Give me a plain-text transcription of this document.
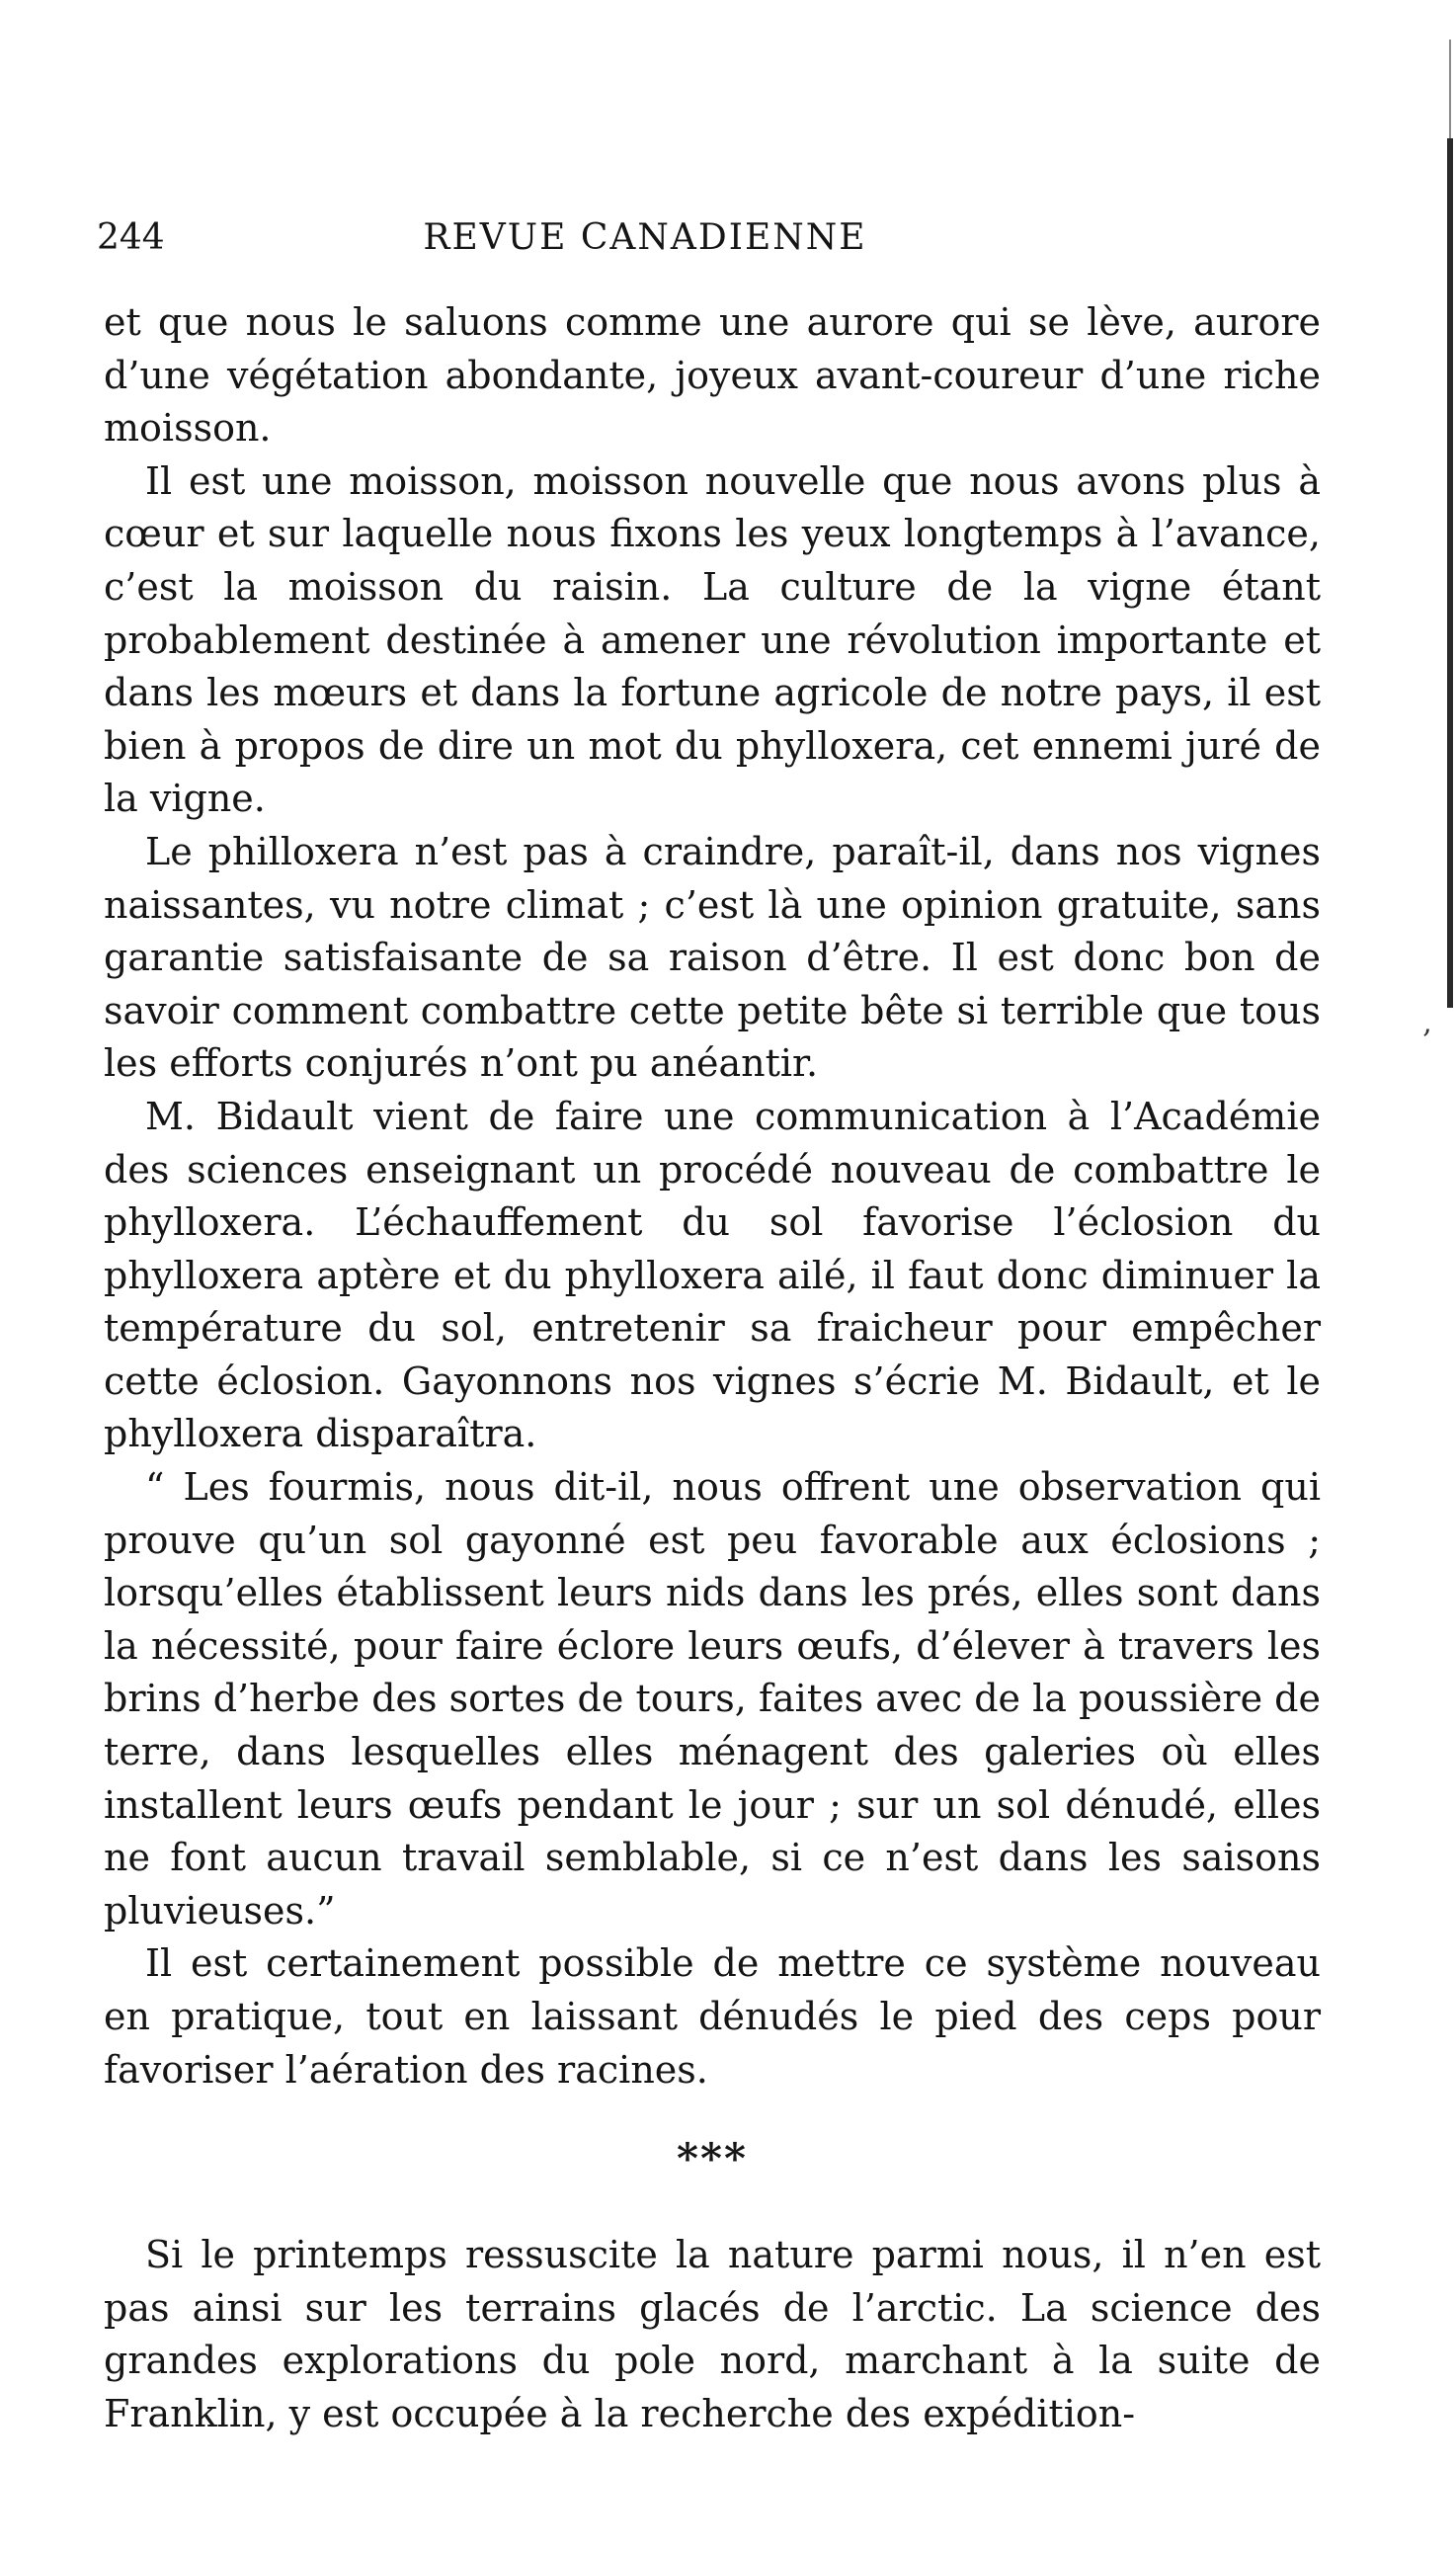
‚
244	REVUE CANADIENNE

et que nous le saluons comme une aurore qui se lève, aurore d’une végétation abondante, joyeux avant-coureur d’une riche moisson.

Il est une moisson, moisson nouvelle que nous avons plus à cœur et sur laquelle nous fixons les yeux longtemps à l’avance, c’est la moisson du raisin. La culture de la vigne étant probablement destinée à amener une révolution importante et dans les mœurs et dans la fortune agricole de notre pays, il est bien à propos de dire un mot du phylloxera, cet ennemi juré de la vigne.

Le philloxera n’est pas à craindre, paraît-il, dans nos vignes naissantes, vu notre climat ; c’est là une opinion gratuite, sans garantie satisfaisante de sa raison d’être. Il est donc bon de savoir comment combattre cette petite bête si terrible que tous les efforts conjurés n’ont pu anéantir.

M. Bidault vient de faire une communication à l’Académie des sciences enseignant un procédé nouveau de combattre le phylloxera. L’échauffement du sol favorise l’éclosion du phylloxera aptère et du phylloxera ailé, il faut donc diminuer la température du sol, entretenir sa fraicheur pour empêcher cette éclosion. Gayonnons nos vignes s’écrie M. Bidault, et le phylloxera disparaîtra.

“ Les fourmis, nous dit-il, nous offrent une observation qui prouve qu’un sol gayonné est peu favorable aux éclosions ; lorsqu’elles établissent leurs nids dans les prés, elles sont dans la nécessité, pour faire éclore leurs œufs, d’élever à travers les brins d’herbe des sortes de tours, faites avec de la poussière de terre, dans lesquelles elles ménagent des galeries où elles installent leurs œufs pendant le jour ; sur un sol dénudé, elles ne font aucun travail semblable, si ce n’est dans les saisons pluvieuses.”

Il est certainement possible de mettre ce système nouveau en pratique, tout en laissant dénudés le pied des ceps pour favoriser l’aération des racines.

***

Si le printemps ressuscite la nature parmi nous, il n’en est pas ainsi sur les terrains glacés de l’arctic. La science des grandes explorations du pole nord, marchant à la suite de Franklin, y est occupée à la recherche des expédition-
